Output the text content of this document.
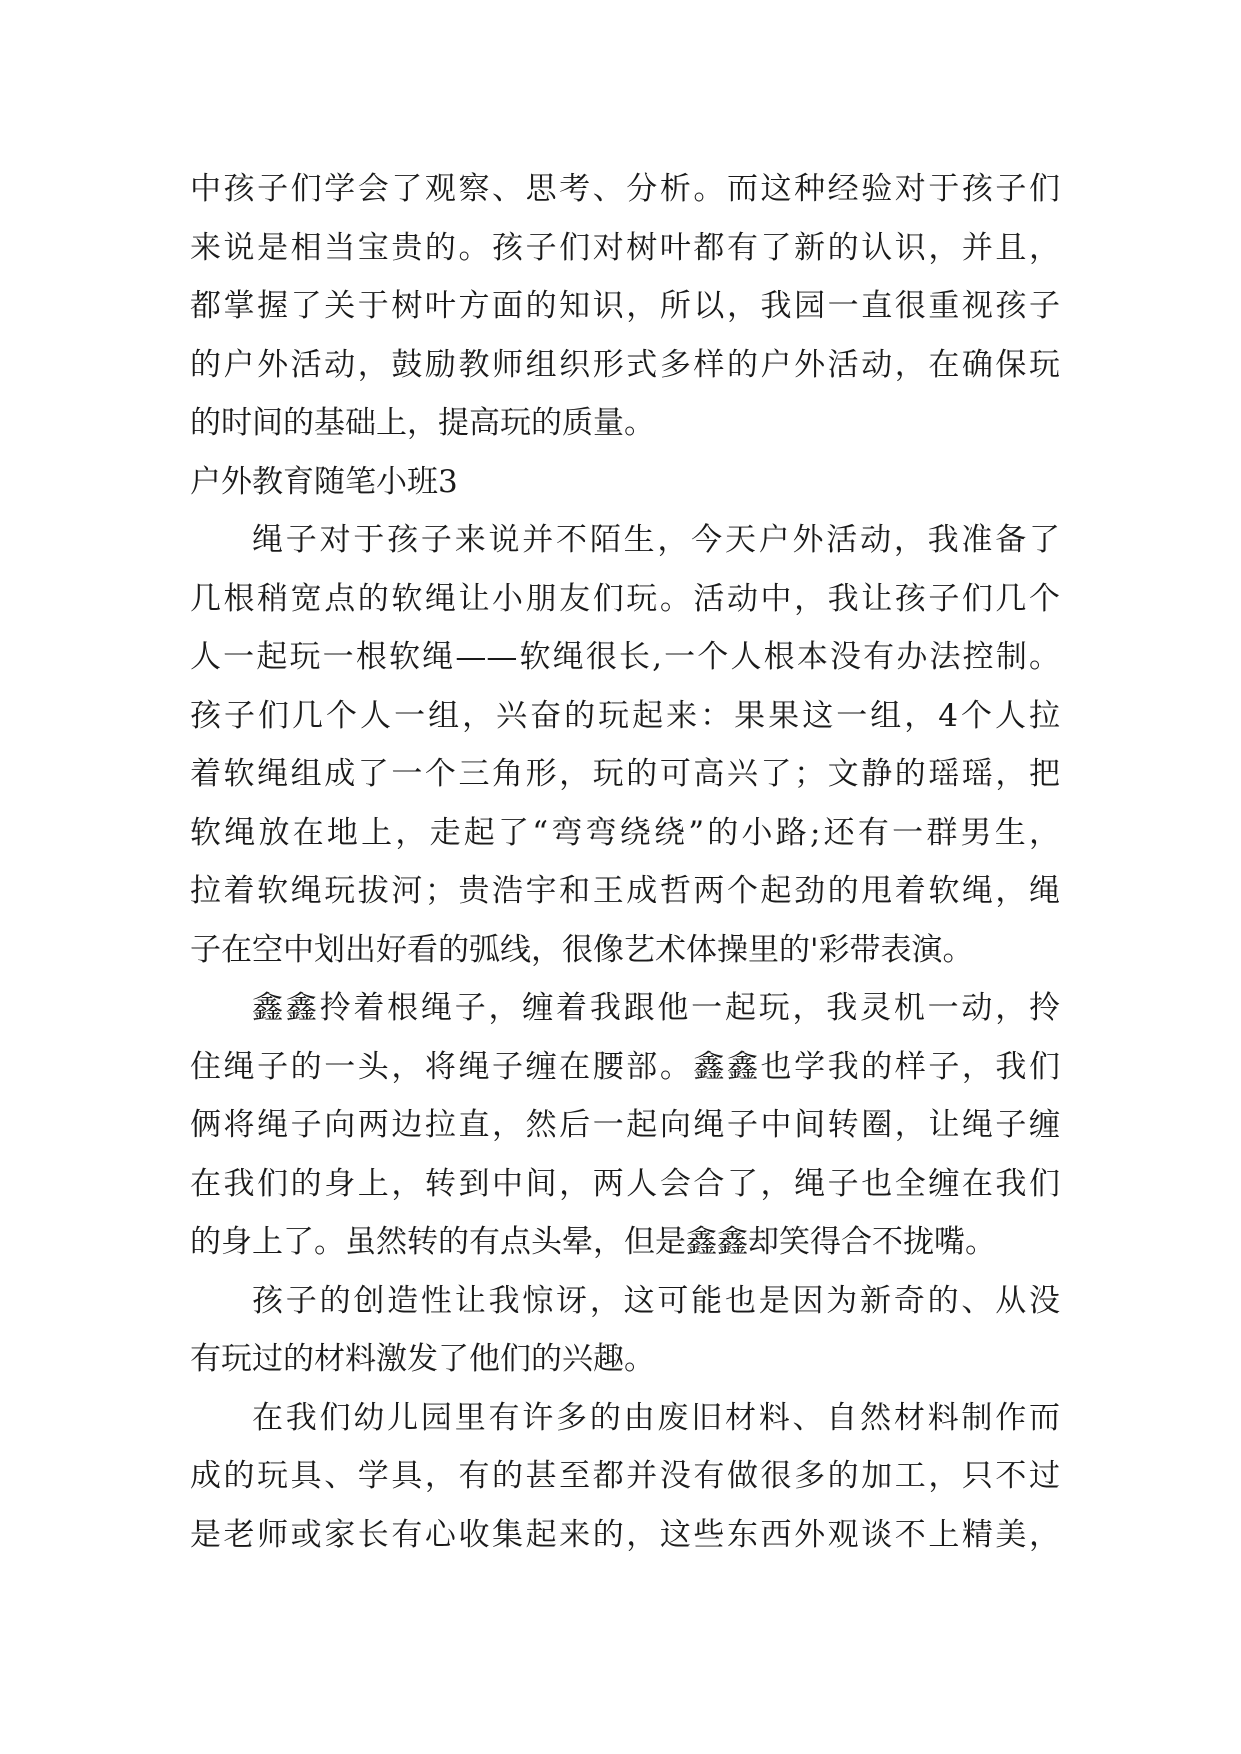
中孩子们学会了观察、思考、分析。而这种经验对于孩子们
来说是相当宝贵的。孩子们对树叶都有了新的认识，并且，
都掌握了关于树叶方面的知识，所以，我园一直很重视孩子
的户外活动，鼓励教师组织形式多样的户外活动，在确保玩
的时间的基础上，提高玩的质量。
户外教育随笔小班3
绳子对于孩子来说并不陌生，今天户外活动，我准备了
几根稍宽点的软绳让小朋友们玩。活动中，我让孩子们几个
人一起玩一根软绳——软绳很长,一个人根本没有办法控制。
孩子们几个人一组，兴奋的玩起来：果果这一组，4个人拉
着软绳组成了一个三角形，玩的可高兴了；文静的瑶瑶，把
软绳放在地上，走起了“弯弯绕绕”的小路;还有一群男生，
拉着软绳玩拔河；贵浩宇和王成哲两个起劲的甩着软绳，绳
子在空中划出好看的弧线，很像艺术体操里的'彩带表演。
鑫鑫拎着根绳子，缠着我跟他一起玩，我灵机一动，拎
住绳子的一头，将绳子缠在腰部。鑫鑫也学我的样子，我们
俩将绳子向两边拉直，然后一起向绳子中间转圈，让绳子缠
在我们的身上，转到中间，两人会合了，绳子也全缠在我们
的身上了。虽然转的有点头晕，但是鑫鑫却笑得合不拢嘴。
孩子的创造性让我惊讶，这可能也是因为新奇的、从没
有玩过的材料激发了他们的兴趣。
在我们幼儿园里有许多的由废旧材料、自然材料制作而
成的玩具、学具，有的甚至都并没有做很多的加工，只不过
是老师或家长有心收集起来的，这些东西外观谈不上精美，
